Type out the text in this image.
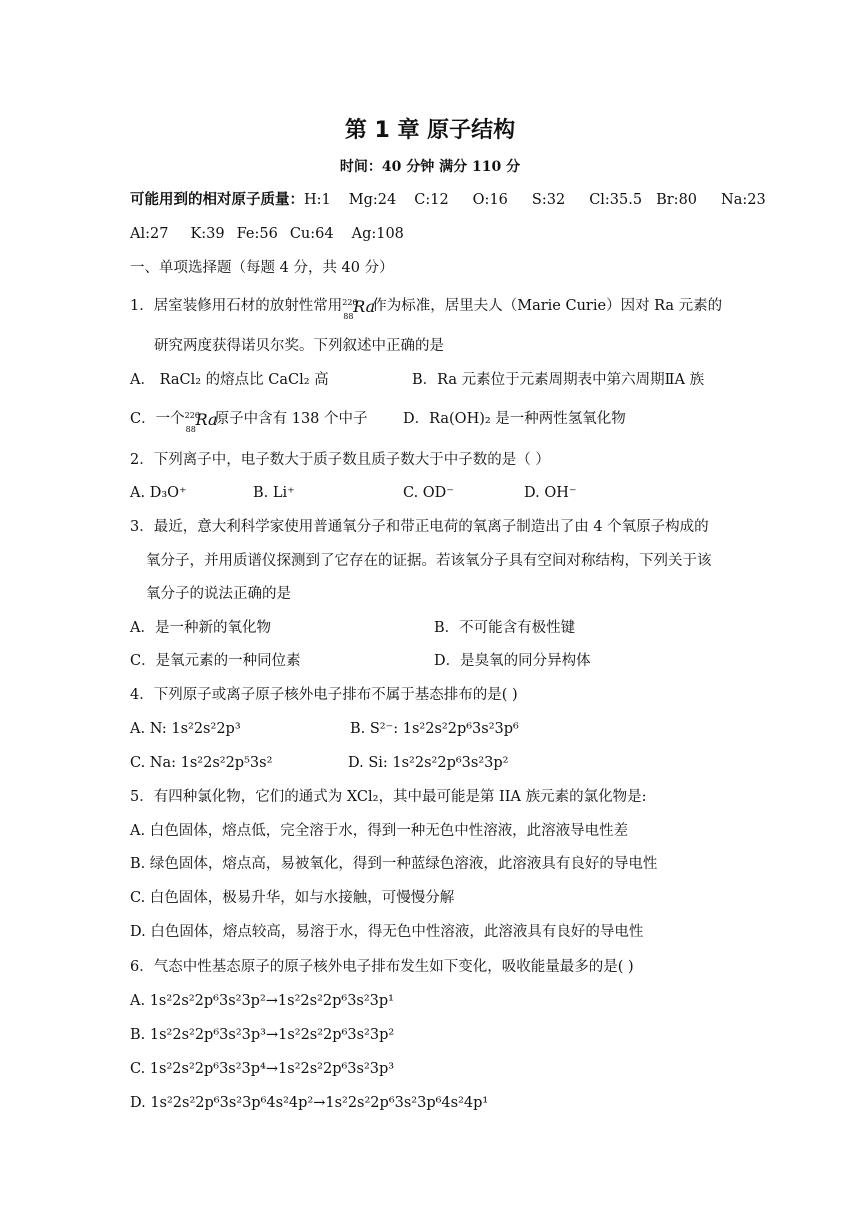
第 1 章 原子结构
时间：40 分钟 满分 110 分
可能用到的相对原子质量：H:1 Mg:24 C:12 O:16 S:32 Cl:35.5 Br:80 Na:23
Al:27 K:39 Fe:56 Cu:64 Ag:108
一、单项选择题（每题 4 分，共 40 分）
1．居室装修用石材的放射性常用 226
88
Ra
作为标准，居里夫人（Marie Curie）因对 Ra 元素的
研究两度获得诺贝尔奖。下列叙述中正确的是
A． RaCl₂ 的熔点比 CaCl₂ 高	B．Ra 元素位于元素周期表中第六周期ⅡA 族
C．一个 226
88
Ra
原子中含有 138 个中子 D．Ra(OH)₂ 是一种两性氢氧化物
2．下列离子中，电子数大于质子数且质子数大于中子数的是（ ）
A. D₃O⁺	B. Li⁺	C. OD⁻	D. OH⁻
3．最近，意大利科学家使用普通氧分子和带正电荷的氧离子制造出了由 4 个氧原子构成的
氧分子，并用质谱仪探测到了它存在的证据。若该氧分子具有空间对称结构，下列关于该
氧分子的说法正确的是
A．是一种新的氧化物	B．不可能含有极性键
C．是氧元素的一种同位素	D．是臭氧的同分异构体
4．下列原子或离子原子核外电子排布不属于基态排布的是( )
A. N: 1s²2s²2p³	B. S²⁻: 1s²2s²2p⁶3s²3p⁶
C. Na: 1s²2s²2p⁵3s²	D. Si: 1s²2s²2p⁶3s²3p²
5．有四种氯化物，它们的通式为 XCl₂，其中最可能是第 IIA 族元素的氯化物是:
A. 白色固体，熔点低，完全溶于水，得到一种无色中性溶液，此溶液导电性差
B. 绿色固体，熔点高，易被氧化，得到一种蓝绿色溶液，此溶液具有良好的导电性
C. 白色固体，极易升华，如与水接触，可慢慢分解
D. 白色固体，熔点较高，易溶于水，得无色中性溶液，此溶液具有良好的导电性
6．气态中性基态原子的原子核外电子排布发生如下变化，吸收能量最多的是( )
A. 1s²2s²2p⁶3s²3p²→1s²2s²2p⁶3s²3p¹
B. 1s²2s²2p⁶3s²3p³→1s²2s²2p⁶3s²3p²
C. 1s²2s²2p⁶3s²3p⁴→1s²2s²2p⁶3s²3p³
D. 1s²2s²2p⁶3s²3p⁶4s²4p²→1s²2s²2p⁶3s²3p⁶4s²4p¹
